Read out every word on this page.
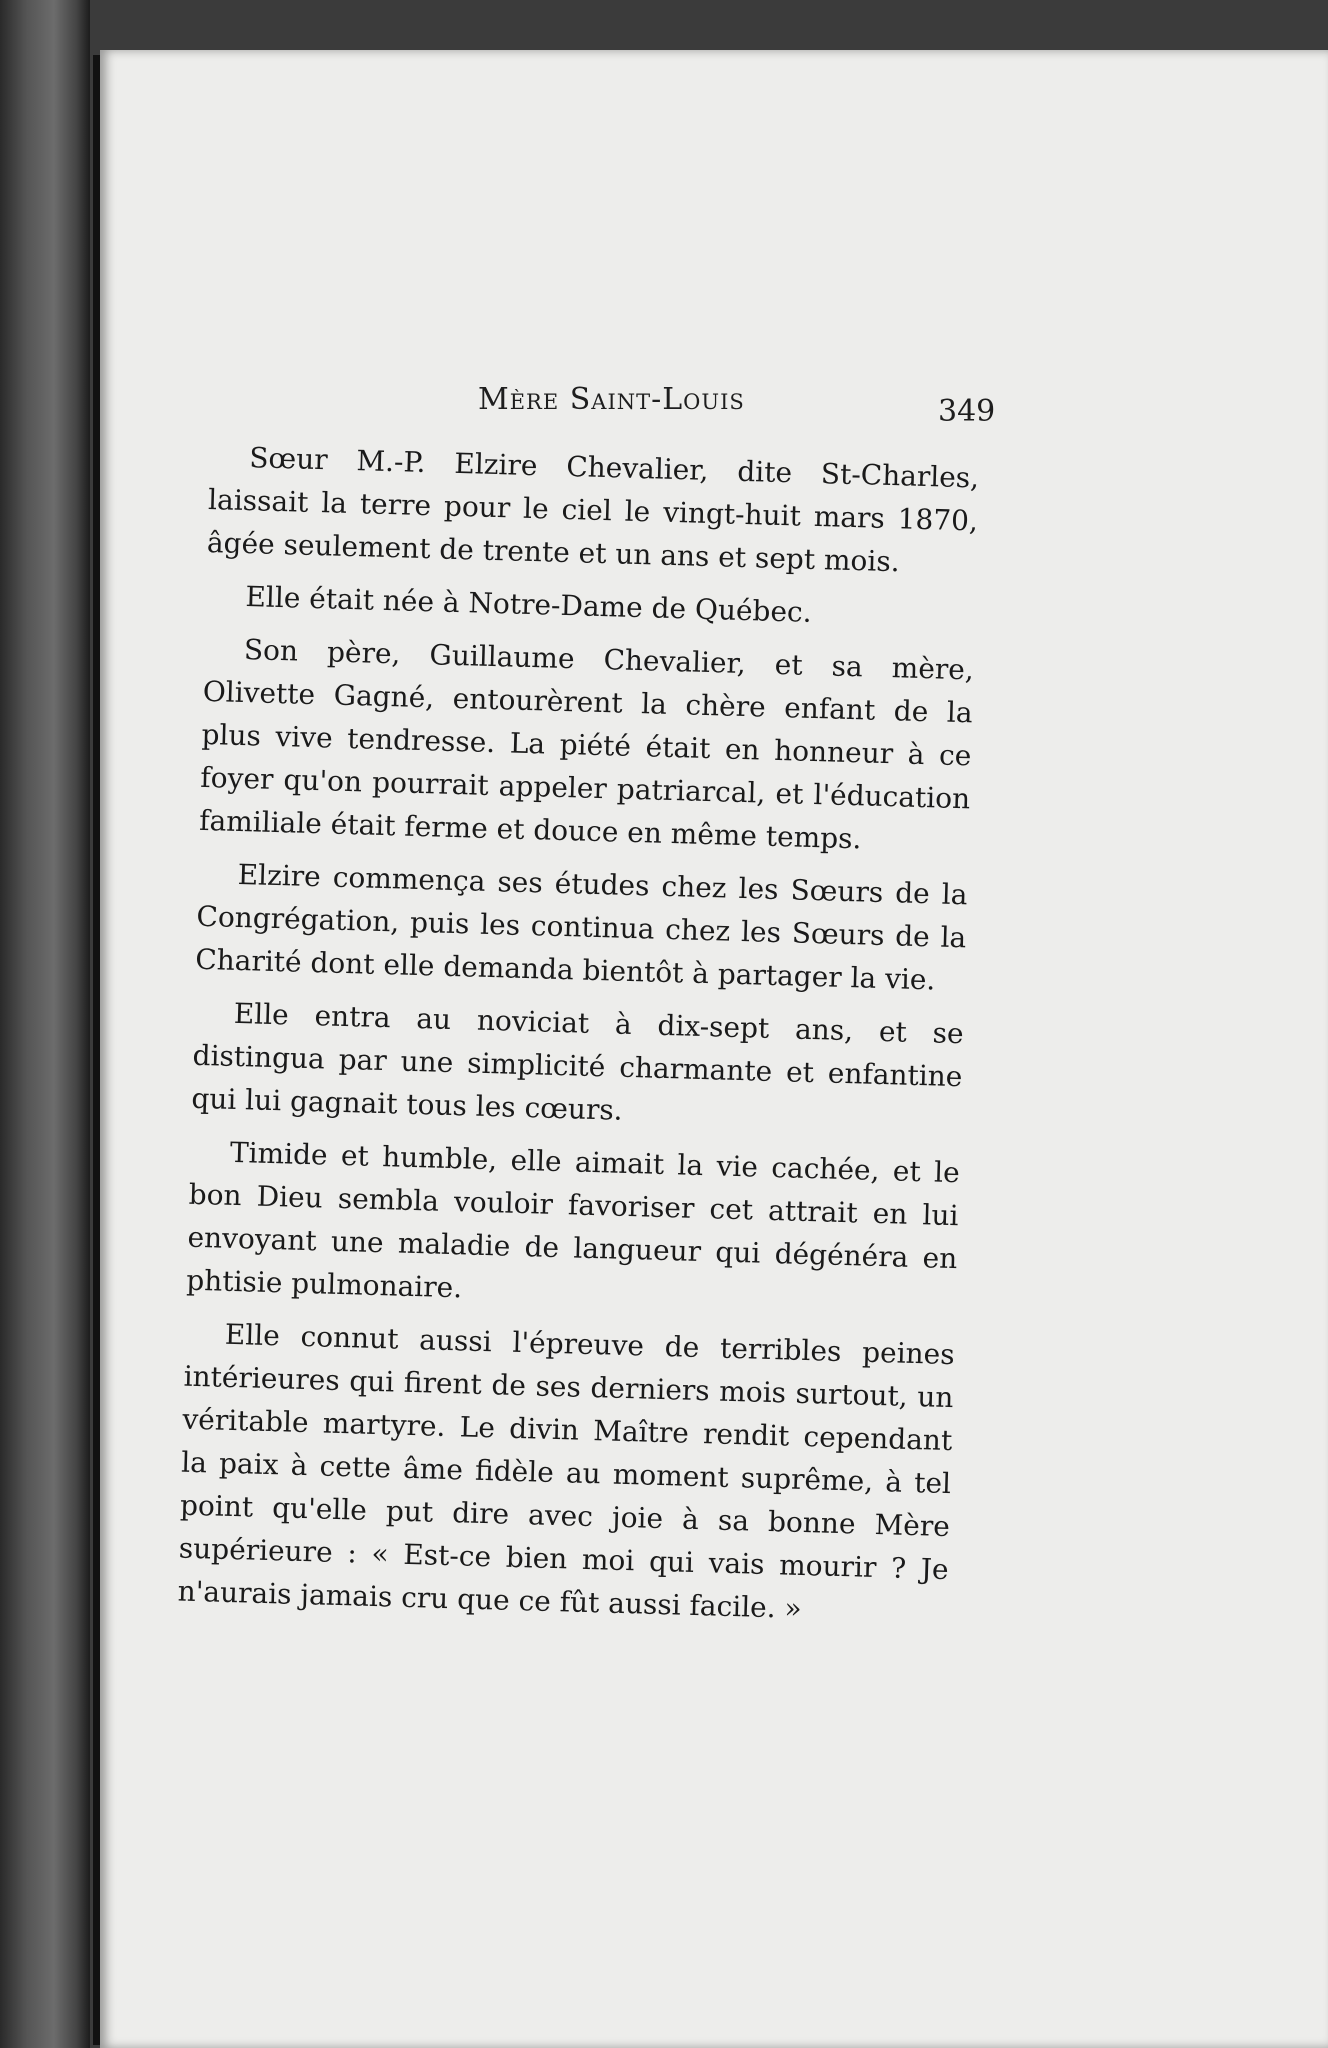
Mère Saint-Louis	349

Sœur M.-P. Elzire Chevalier, dite St-Charles, laissait la terre pour le ciel le vingt-huit mars 1870, âgée seulement de trente et un ans et sept mois.

Elle était née à Notre-Dame de Québec.

Son père, Guillaume Chevalier, et sa mère, Olivette Gagné, entourèrent la chère enfant de la plus vive tendresse. La piété était en honneur à ce foyer qu'on pourrait appeler patriarcal, et l'éducation familiale était ferme et douce en même temps.

Elzire commença ses études chez les Sœurs de la Congrégation, puis les continua chez les Sœurs de la Charité dont elle demanda bientôt à partager la vie.

Elle entra au noviciat à dix-sept ans, et se distingua par une simplicité charmante et enfantine qui lui gagnait tous les cœurs.

Timide et humble, elle aimait la vie cachée, et le bon Dieu sembla vouloir favoriser cet attrait en lui envoyant une maladie de langueur qui dégénéra en phtisie pulmonaire.

Elle connut aussi l'épreuve de terribles peines intérieures qui firent de ses derniers mois surtout, un véritable martyre. Le divin Maître rendit cependant la paix à cette âme fidèle au moment suprême, à tel point qu'elle put dire avec joie à sa bonne Mère supérieure : « Est-ce bien moi qui vais mourir ? Je n'aurais jamais cru que ce fût aussi facile. »
